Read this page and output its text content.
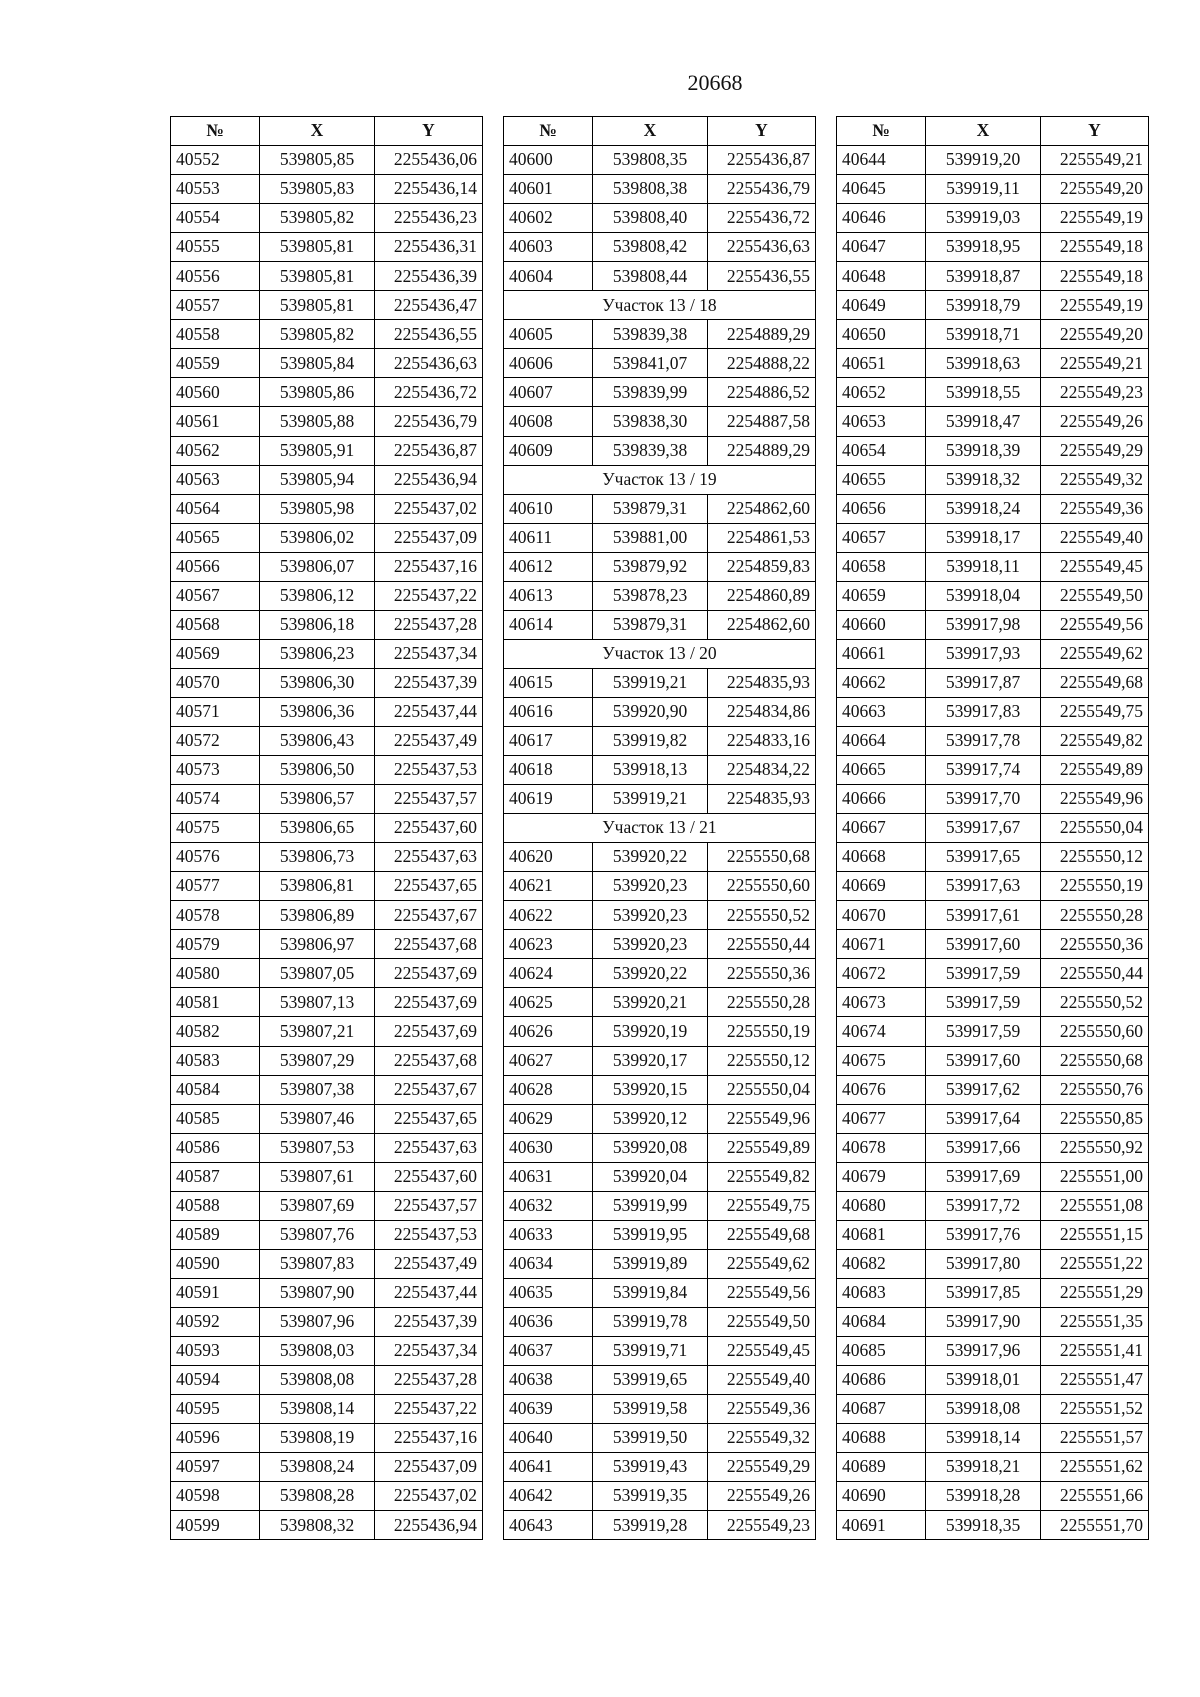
20668
№	X	Y
40552	539805,85	2255436,06
40553	539805,83	2255436,14
40554	539805,82	2255436,23
40555	539805,81	2255436,31
40556	539805,81	2255436,39
40557	539805,81	2255436,47
40558	539805,82	2255436,55
40559	539805,84	2255436,63
40560	539805,86	2255436,72
40561	539805,88	2255436,79
40562	539805,91	2255436,87
40563	539805,94	2255436,94
40564	539805,98	2255437,02
40565	539806,02	2255437,09
40566	539806,07	2255437,16
40567	539806,12	2255437,22
40568	539806,18	2255437,28
40569	539806,23	2255437,34
40570	539806,30	2255437,39
40571	539806,36	2255437,44
40572	539806,43	2255437,49
40573	539806,50	2255437,53
40574	539806,57	2255437,57
40575	539806,65	2255437,60
40576	539806,73	2255437,63
40577	539806,81	2255437,65
40578	539806,89	2255437,67
40579	539806,97	2255437,68
40580	539807,05	2255437,69
40581	539807,13	2255437,69
40582	539807,21	2255437,69
40583	539807,29	2255437,68
40584	539807,38	2255437,67
40585	539807,46	2255437,65
40586	539807,53	2255437,63
40587	539807,61	2255437,60
40588	539807,69	2255437,57
40589	539807,76	2255437,53
40590	539807,83	2255437,49
40591	539807,90	2255437,44
40592	539807,96	2255437,39
40593	539808,03	2255437,34
40594	539808,08	2255437,28
40595	539808,14	2255437,22
40596	539808,19	2255437,16
40597	539808,24	2255437,09
40598	539808,28	2255437,02
40599	539808,32	2255436,94
№	X	Y
40600	539808,35	2255436,87
40601	539808,38	2255436,79
40602	539808,40	2255436,72
40603	539808,42	2255436,63
40604	539808,44	2255436,55
Участок 13 / 18		
40605	539839,38	2254889,29
40606	539841,07	2254888,22
40607	539839,99	2254886,52
40608	539838,30	2254887,58
40609	539839,38	2254889,29
Участок 13 / 19		
40610	539879,31	2254862,60
40611	539881,00	2254861,53
40612	539879,92	2254859,83
40613	539878,23	2254860,89
40614	539879,31	2254862,60
Участок 13 / 20		
40615	539919,21	2254835,93
40616	539920,90	2254834,86
40617	539919,82	2254833,16
40618	539918,13	2254834,22
40619	539919,21	2254835,93
Участок 13 / 21		
40620	539920,22	2255550,68
40621	539920,23	2255550,60
40622	539920,23	2255550,52
40623	539920,23	2255550,44
40624	539920,22	2255550,36
40625	539920,21	2255550,28
40626	539920,19	2255550,19
40627	539920,17	2255550,12
40628	539920,15	2255550,04
40629	539920,12	2255549,96
40630	539920,08	2255549,89
40631	539920,04	2255549,82
40632	539919,99	2255549,75
40633	539919,95	2255549,68
40634	539919,89	2255549,62
40635	539919,84	2255549,56
40636	539919,78	2255549,50
40637	539919,71	2255549,45
40638	539919,65	2255549,40
40639	539919,58	2255549,36
40640	539919,50	2255549,32
40641	539919,43	2255549,29
40642	539919,35	2255549,26
40643	539919,28	2255549,23
№	X	Y
40644	539919,20	2255549,21
40645	539919,11	2255549,20
40646	539919,03	2255549,19
40647	539918,95	2255549,18
40648	539918,87	2255549,18
40649	539918,79	2255549,19
40650	539918,71	2255549,20
40651	539918,63	2255549,21
40652	539918,55	2255549,23
40653	539918,47	2255549,26
40654	539918,39	2255549,29
40655	539918,32	2255549,32
40656	539918,24	2255549,36
40657	539918,17	2255549,40
40658	539918,11	2255549,45
40659	539918,04	2255549,50
40660	539917,98	2255549,56
40661	539917,93	2255549,62
40662	539917,87	2255549,68
40663	539917,83	2255549,75
40664	539917,78	2255549,82
40665	539917,74	2255549,89
40666	539917,70	2255549,96
40667	539917,67	2255550,04
40668	539917,65	2255550,12
40669	539917,63	2255550,19
40670	539917,61	2255550,28
40671	539917,60	2255550,36
40672	539917,59	2255550,44
40673	539917,59	2255550,52
40674	539917,59	2255550,60
40675	539917,60	2255550,68
40676	539917,62	2255550,76
40677	539917,64	2255550,85
40678	539917,66	2255550,92
40679	539917,69	2255551,00
40680	539917,72	2255551,08
40681	539917,76	2255551,15
40682	539917,80	2255551,22
40683	539917,85	2255551,29
40684	539917,90	2255551,35
40685	539917,96	2255551,41
40686	539918,01	2255551,47
40687	539918,08	2255551,52
40688	539918,14	2255551,57
40689	539918,21	2255551,62
40690	539918,28	2255551,66
40691	539918,35	2255551,70
